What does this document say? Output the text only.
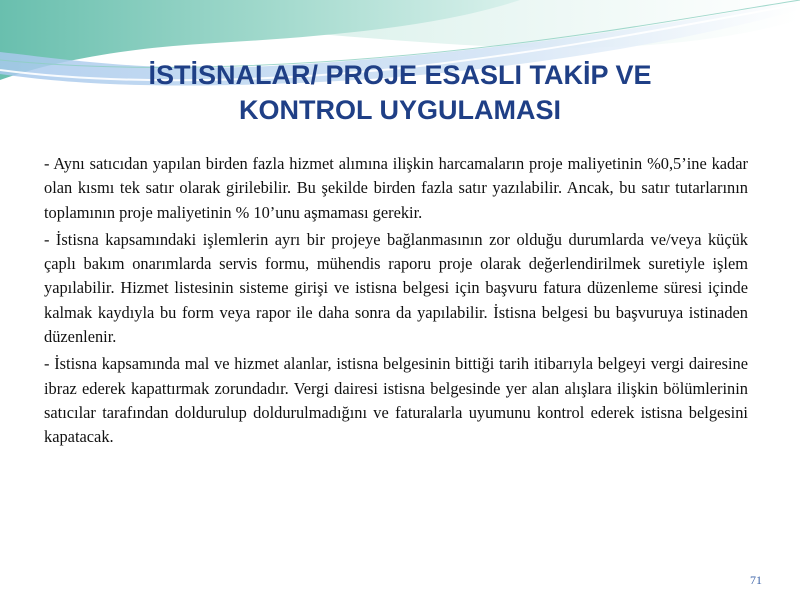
İSTİSNALAR/ PROJE ESASLI TAKİP VE
KONTROL UYGULAMASI

- Aynı satıcıdan yapılan birden fazla hizmet alımına ilişkin harcamaların proje maliyetinin %0,5’ine kadar olan kısmı tek satır olarak girilebilir. Bu şekilde birden fazla satır yazılabilir. Ancak, bu satır tutarlarının toplamının proje maliyetinin % 10’unu aşmaması gerekir.

- İstisna kapsamındaki işlemlerin ayrı bir projeye bağlanmasının zor olduğu durumlarda ve/veya küçük çaplı bakım onarımlarda servis formu, mühendis raporu proje olarak değerlendirilmek suretiyle işlem yapılabilir. Hizmet listesinin sisteme girişi ve istisna belgesi için başvuru fatura düzenleme süresi içinde kalmak kaydıyla bu form veya rapor ile daha sonra da yapılabilir. İstisna belgesi bu başvuruya istinaden düzenlenir.

- İstisna kapsamında mal ve hizmet alanlar, istisna belgesinin bittiği tarih itibarıyla belgeyi vergi dairesine ibraz ederek kapattırmak zorundadır. Vergi dairesi istisna belgesinde yer alan alışlara ilişkin bölümlerinin satıcılar tarafından doldurulup doldurulmadığını ve faturalarla uyumunu kontrol ederek istisna belgesini kapatacak.

71
